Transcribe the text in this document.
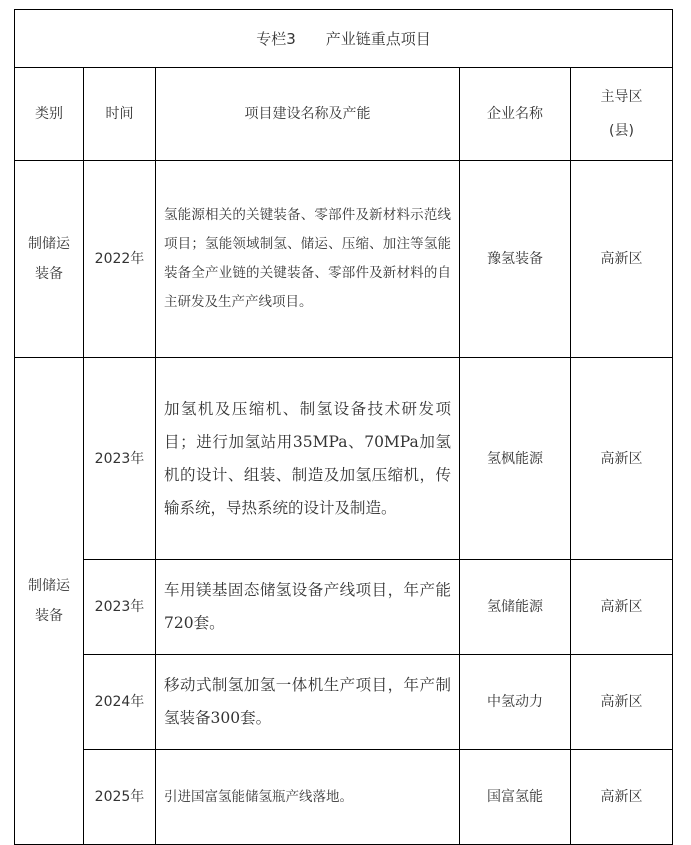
专栏3 产业链重点项目				
类别	时间	项目建设名称及产能	企业名称	主导区
(县)

制储运装备	2022年	氢能源相关的关键装备、零部件及新材料示范线项目；氢能领域制氢、储运、压缩、加注等氢能装备全产业链的关键装备、零部件及新材料的自主研发及生产产线项目。	豫氢装备	高新区
制储运装备	2023年	加氢机及压缩机、制氢设备技术研发项目；进行加氢站用35MPa、70MPa加氢机的设计、组装、制造及加氢压缩机，传输系统，导热系统的设计及制造。	氢枫能源	高新区
	2023年	车用镁基固态储氢设备产线项目，年产能720套。	氢储能源	高新区
	2024年	移动式制氢加氢一体机生产项目，年产制氢装备300套。	中氢动力	高新区
	2025年	引进国富氢能储氢瓶产线落地。	国富氢能	高新区
